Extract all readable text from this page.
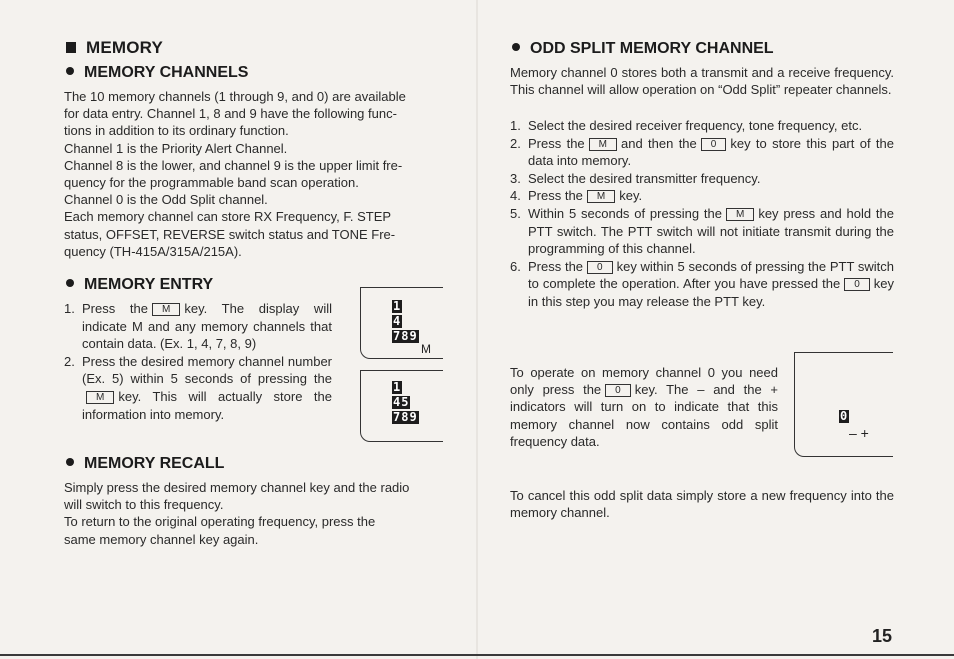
MEMORY
MEMORY CHANNELS
The 10 memory channels (1 through 9, and 0) are available
for data entry. Channel 1, 8 and 9 have the following func-
tions in addition to its ordinary function.
Channel 1 is the Priority Alert Channel.
Channel 8 is the lower, and channel 9 is the upper limit fre-
quency for the programmable band scan operation.
Channel 0 is the Odd Split channel.
Each memory channel can store RX Frequency, F. STEP
status, OFFSET, REVERSE switch status and TONE Fre-
quency (TH-415A/315A/215A).
MEMORY ENTRY
1. Press the M key. The display will indicate M and any memory channels that contain data. (Ex. 1, 4, 7, 8, 9)
2. Press the desired memory channel number (Ex. 5) within 5 seconds of pressing theM key. This will actually store the information into memory.
1
4
789
M
1
45
789
MEMORY RECALL
Simply press the desired memory channel key and the radio
will switch to this frequency.
To return to the original operating frequency, press the
same memory channel key again.
ODD SPLIT MEMORY CHANNEL
Memory channel 0 stores both a transmit and a receive frequency. This channel will allow operation on “Odd Split” repeater channels.
1. Select the desired receiver frequency, tone frequency, etc.
2. Press the M and then the 0 key to store this part of the data into memory.
3. Select the desired transmitter frequency.
4. Press the M key.
5. Within 5 seconds of pressing the M key press and hold the PTT switch. The PTT switch will not initiate transmit during the programming of this channel.
6. Press the 0 key within 5 seconds of pressing the PTT switch to complete the operation. After you have pressed the 0 key in this step you may release the PTT key.
To operate on memory channel 0 you need only press the 0 key. The – and the + indicators will turn on to indicate that this memory channel now contains odd split frequency data.
0
– +
To cancel this odd split data simply store a new frequency into the memory channel.
15
